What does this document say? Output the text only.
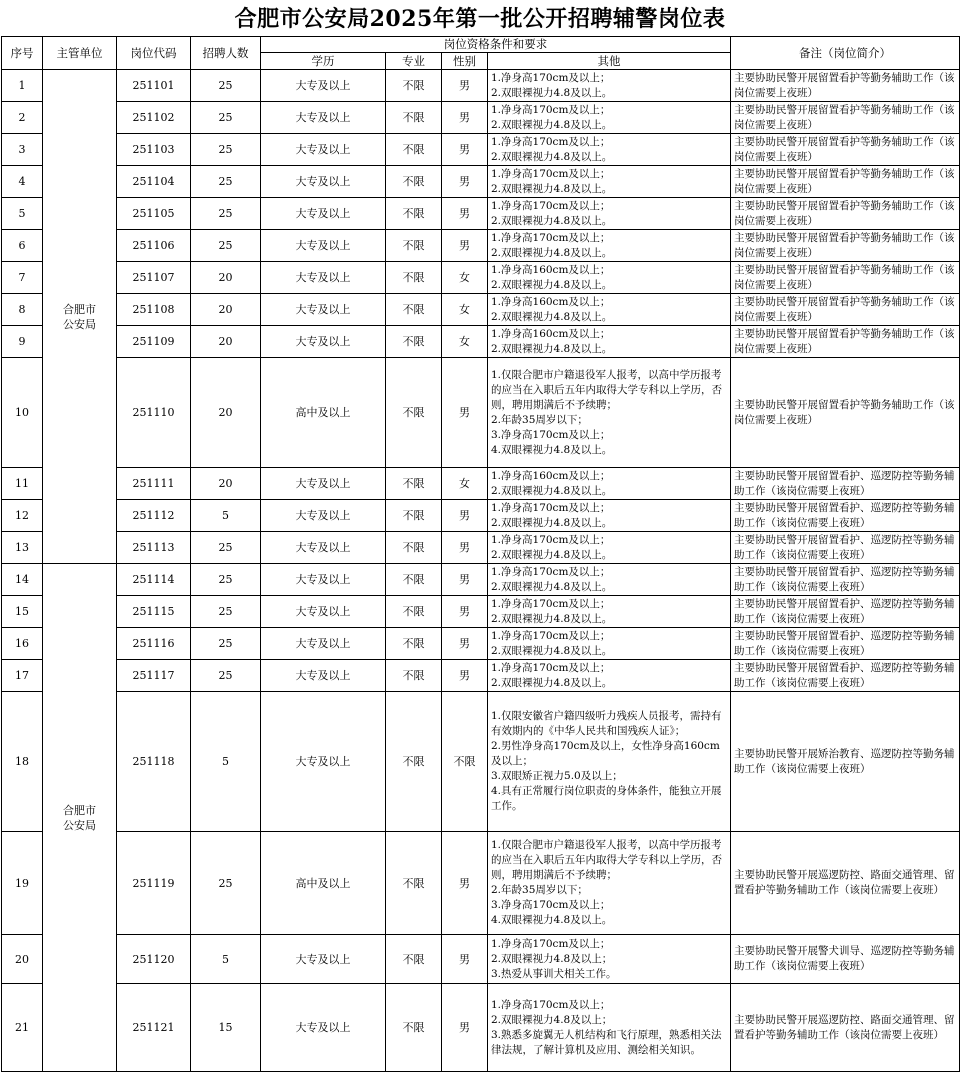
合肥市公安局2025年第一批公开招聘辅警岗位表
序号	主管单位	岗位代码	招聘人数	岗位资格条件和要求				备注（岗位简介）
				学历	专业	性别	其他	
1	合肥市
公安局	251101	25	大专及以上	不限	男	1.净身高170cm及以上；
2.双眼裸视力4.8及以上。	主要协助民警开展留置看护等勤务辅助工作（该岗位需要上夜班）
2		251102	25	大专及以上	不限	男	1.净身高170cm及以上；
2.双眼裸视力4.8及以上。	主要协助民警开展留置看护等勤务辅助工作（该岗位需要上夜班）
3		251103	25	大专及以上	不限	男	1.净身高170cm及以上；
2.双眼裸视力4.8及以上。	主要协助民警开展留置看护等勤务辅助工作（该岗位需要上夜班）
4		251104	25	大专及以上	不限	男	1.净身高170cm及以上；
2.双眼裸视力4.8及以上。	主要协助民警开展留置看护等勤务辅助工作（该岗位需要上夜班）
5		251105	25	大专及以上	不限	男	1.净身高170cm及以上；
2.双眼裸视力4.8及以上。	主要协助民警开展留置看护等勤务辅助工作（该岗位需要上夜班）
6		251106	25	大专及以上	不限	男	1.净身高170cm及以上；
2.双眼裸视力4.8及以上。	主要协助民警开展留置看护等勤务辅助工作（该岗位需要上夜班）
7		251107	20	大专及以上	不限	女	1.净身高160cm及以上；
2.双眼裸视力4.8及以上。	主要协助民警开展留置看护等勤务辅助工作（该岗位需要上夜班）
8		251108	20	大专及以上	不限	女	1.净身高160cm及以上；
2.双眼裸视力4.8及以上。	主要协助民警开展留置看护等勤务辅助工作（该岗位需要上夜班）
9		251109	20	大专及以上	不限	女	1.净身高160cm及以上；
2.双眼裸视力4.8及以上。	主要协助民警开展留置看护等勤务辅助工作（该岗位需要上夜班）
10		251110	20	高中及以上	不限	男	1.仅限合肥市户籍退役军人报考，以高中学历报考的应当在入职后五年内取得大学专科以上学历，否则，聘用期满后不予续聘；
2.年龄35周岁以下；
3.净身高170cm及以上；
4.双眼裸视力4.8及以上。	主要协助民警开展留置看护等勤务辅助工作（该岗位需要上夜班）
11		251111	20	大专及以上	不限	女	1.净身高160cm及以上；
2.双眼裸视力4.8及以上。	主要协助民警开展留置看护、巡逻防控等勤务辅助工作（该岗位需要上夜班）
12		251112	5	大专及以上	不限	男	1.净身高170cm及以上；
2.双眼裸视力4.8及以上。	主要协助民警开展留置看护、巡逻防控等勤务辅助工作（该岗位需要上夜班）
13		251113	25	大专及以上	不限	男	1.净身高170cm及以上；
2.双眼裸视力4.8及以上。	主要协助民警开展留置看护、巡逻防控等勤务辅助工作（该岗位需要上夜班）
14	合肥市
公安局	251114	25	大专及以上	不限	男	1.净身高170cm及以上；
2.双眼裸视力4.8及以上。	主要协助民警开展留置看护、巡逻防控等勤务辅助工作（该岗位需要上夜班）
15		251115	25	大专及以上	不限	男	1.净身高170cm及以上；
2.双眼裸视力4.8及以上。	主要协助民警开展留置看护、巡逻防控等勤务辅助工作（该岗位需要上夜班）
16		251116	25	大专及以上	不限	男	1.净身高170cm及以上；
2.双眼裸视力4.8及以上。	主要协助民警开展留置看护、巡逻防控等勤务辅助工作（该岗位需要上夜班）
17		251117	25	大专及以上	不限	男	1.净身高170cm及以上；
2.双眼裸视力4.8及以上。	主要协助民警开展留置看护、巡逻防控等勤务辅助工作（该岗位需要上夜班）
18		251118	5	大专及以上	不限	不限	1.仅限安徽省户籍四级听力残疾人员报考，需持有有效期内的《中华人民共和国残疾人证》；
2.男性净身高170cm及以上，女性净身高160cm及以上；
3.双眼矫正视力5.0及以上；
4.具有正常履行岗位职责的身体条件，能独立开展工作。	主要协助民警开展矫治教育、巡逻防控等勤务辅助工作（该岗位需要上夜班）
19		251119	25	高中及以上	不限	男	1.仅限合肥市户籍退役军人报考，以高中学历报考的应当在入职后五年内取得大学专科以上学历，否则，聘用期满后不予续聘；
2.年龄35周岁以下；
3.净身高170cm及以上；
4.双眼裸视力4.8及以上。	主要协助民警开展巡逻防控、路面交通管理、留置看护等勤务辅助工作（该岗位需要上夜班）
20		251120	5	大专及以上	不限	男	1.净身高170cm及以上；
2.双眼裸视力4.8及以上；
3.热爱从事训犬相关工作。	主要协助民警开展警犬训导、巡逻防控等勤务辅助工作（该岗位需要上夜班）
21		251121	15	大专及以上	不限	男	1.净身高170cm及以上；
2.双眼裸视力4.8及以上；
3.熟悉多旋翼无人机结构和飞行原理，熟悉相关法律法规，了解计算机及应用、测绘相关知识。	主要协助民警开展巡逻防控、路面交通管理、留置看护等勤务辅助工作（该岗位需要上夜班）
